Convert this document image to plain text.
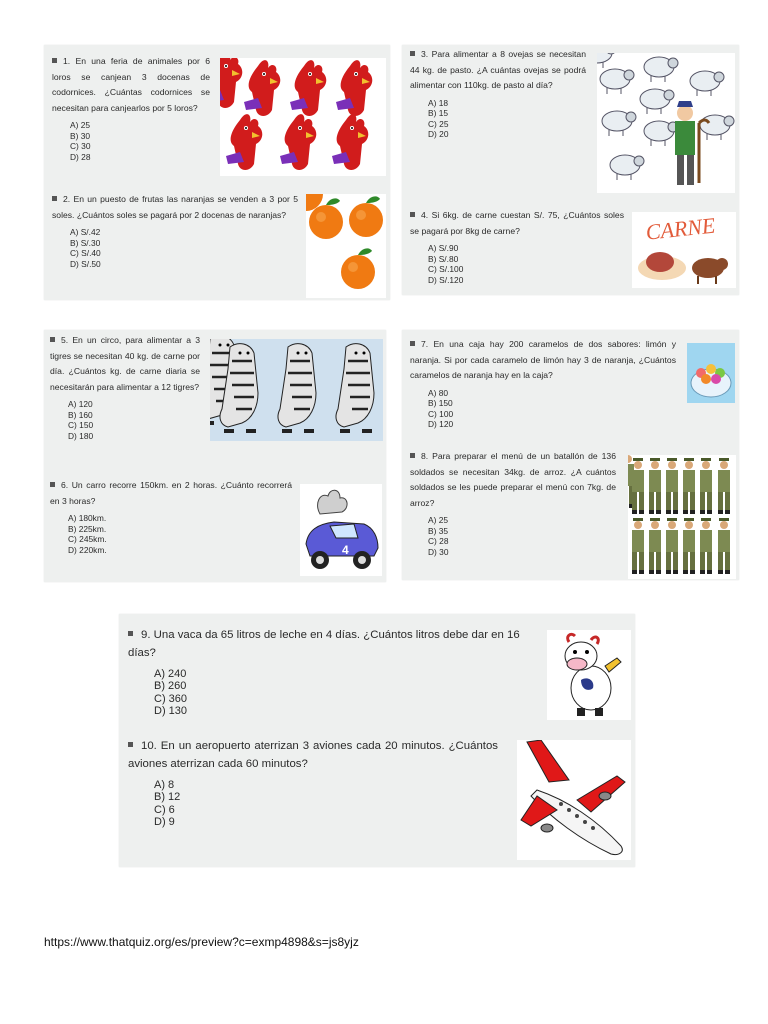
1. En una feria de animales por 6 loros se canjean 3 docenas de codornices. ¿Cuántas codornices se necesitan para canjearlos por 5 loros?
A) 25
B) 30
C) 30
D) 28
2. En un puesto de frutas las naranjas se venden a 3 por 5 soles. ¿Cuántos soles se pagará por 2 docenas de naranjas?
A) S/.42
B) S/.30
C) S/.40
D) S/.50
3. Para alimentar a 8 ovejas se necesitan 44 kg. de pasto. ¿A cuántas ovejas se podrá alimentar con 110kg. de pasto al día?
A) 18
B) 15
C) 25
D) 20
4. Si 6kg. de carne cuestan S/. 75, ¿Cuántos soles se pagará por 8kg de carne?
A) S/.90
B) S/.80
C) S/.100
D) S/.120
CARNE
5. En un circo, para alimentar a 3 tigres se necesitan 40 kg. de carne por día. ¿Cuántos kg. de carne diaria se necesitarán para alimentar a 12 tigres?
A) 120
B) 160
C) 150
D) 180
6. Un carro recorre 150km. en 2 horas. ¿Cuánto recorrerá en 3 horas?
A) 180km.
B) 225km.
C) 245km.
D) 220km.	4
7. En una caja hay 200 caramelos de dos sabores: limón y naranja. Si por cada caramelo de limón hay 3 de naranja, ¿Cuántos caramelos de naranja hay en la caja?
A) 80
B) 150
C) 100
D) 120
8. Para preparar el menú de un batallón de 136 soldados se necesitan 34kg. de arroz. ¿A cuántos soldados se les puede preparar el menú con 7kg. de arroz?
A) 25
B) 35
C) 28
D) 30
9. Una vaca da 65 litros de leche en 4 días. ¿Cuántos litros debe dar en 16 días?
A) 240
B) 260
C) 360
D) 130
10. En un aeropuerto aterrizan 3 aviones cada 20 minutos. ¿Cuántos aviones aterrizan cada 60 minutos?
A) 8
B) 12
C) 6
D) 9
https://www.thatquiz.org/es/preview?c=exmp4898&s=js8yjz
